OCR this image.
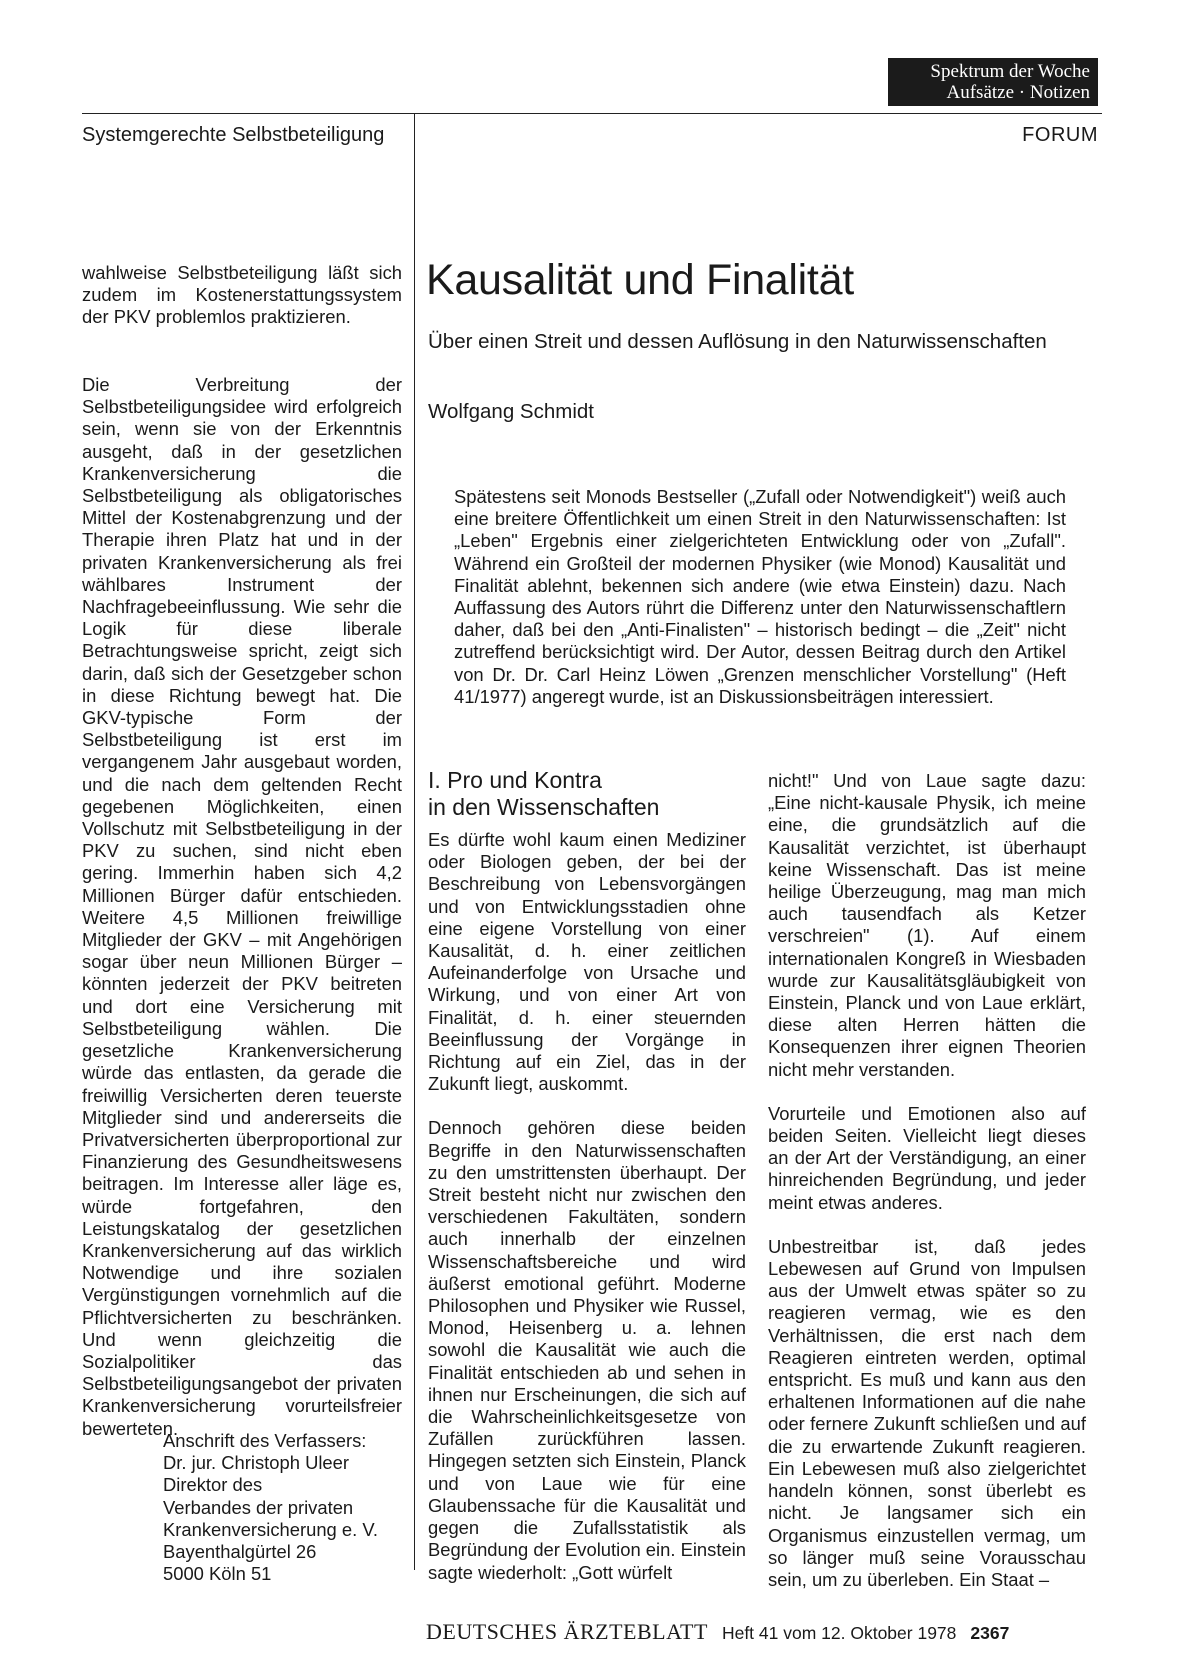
Spektrum der Woche
Aufsätze · Notizen
Systemgerechte Selbstbeteiligung	FORUM

wahlweise Selbstbeteiligung läßt sich zudem im Kostenerstattungssystem der PKV problemlos praktizieren.

Die Verbreitung der Selbstbeteiligungsidee wird erfolgreich sein, wenn sie von der Erkenntnis ausgeht, daß in der gesetzlichen Krankenversicherung die Selbstbeteiligung als obligatorisches Mittel der Kostenabgrenzung und der Therapie ihren Platz hat und in der privaten Krankenversicherung als frei wählbares Instrument der Nachfragebeeinflussung. Wie sehr die Logik für diese liberale Betrachtungsweise spricht, zeigt sich darin, daß sich der Gesetzgeber schon in diese Richtung bewegt hat. Die GKV-typische Form der Selbstbeteiligung ist erst im vergangenem Jahr ausgebaut worden, und die nach dem geltenden Recht gegebenen Möglichkeiten, einen Vollschutz mit Selbstbeteiligung in der PKV zu suchen, sind nicht eben gering. Immerhin haben sich 4,2 Millionen Bürger dafür entschieden. Weitere 4,5 Millionen freiwillige Mitglieder der GKV – mit Angehörigen sogar über neun Millionen Bürger – könnten jederzeit der PKV beitreten und dort eine Versicherung mit Selbstbeteiligung wählen. Die gesetzliche Krankenversicherung würde das entlasten, da gerade die freiwillig Versicherten deren teuerste Mitglieder sind und andererseits die Privatversicherten überproportional zur Finanzierung des Gesundheitswesens beitragen. Im Interesse aller läge es, würde fortgefahren, den Leistungskatalog der gesetzlichen Krankenversicherung auf das wirklich Notwendige und ihre sozialen Vergünstigungen vornehmlich auf die Pflichtversicherten zu beschränken. Und wenn gleichzeitig die Sozialpolitiker das Selbstbeteiligungsangebot der privaten Krankenversicherung vorurteilsfreier bewerteten.

Anschrift des Verfassers:
Dr. jur. Christoph Uleer
Direktor des
Verbandes der privaten
Krankenversicherung e. V.
Bayenthalgürtel 26
5000 Köln 51
Kausalität und Finalität
Über einen Streit und dessen Auflösung in den Naturwissenschaften
Wolfgang Schmidt

Spätestens seit Monods Bestseller („Zufall oder Notwendigkeit") weiß auch eine breitere Öffentlichkeit um einen Streit in den Naturwissenschaften: Ist „Leben" Ergebnis einer zielgerichteten Entwicklung oder von „Zufall". Während ein Großteil der modernen Physiker (wie Monod) Kausalität und Finalität ablehnt, bekennen sich andere (wie etwa Einstein) dazu. Nach Auffassung des Autors rührt die Differenz unter den Naturwissenschaftlern daher, daß bei den „Anti-Finalisten" – historisch bedingt – die „Zeit" nicht zutreffend berücksichtigt wird. Der Autor, dessen Beitrag durch den Artikel von Dr. Dr. Carl Heinz Löwen „Grenzen menschlicher Vorstellung" (Heft 41/1977) angeregt wurde, ist an Diskussionsbeiträgen interessiert.

I. Pro und Kontra
in den Wissenschaften

Es dürfte wohl kaum einen Mediziner oder Biologen geben, der bei der Beschreibung von Lebensvorgängen und von Entwicklungsstadien ohne eine eigene Vorstellung von einer Kausalität, d. h. einer zeitlichen Aufeinanderfolge von Ursache und Wirkung, und von einer Art von Finalität, d. h. einer steuernden Beeinflussung der Vorgänge in Richtung auf ein Ziel, das in der Zukunft liegt, auskommt.

Dennoch gehören diese beiden Begriffe in den Naturwissenschaften zu den umstrittensten überhaupt. Der Streit besteht nicht nur zwischen den verschiedenen Fakultäten, sondern auch innerhalb der einzelnen Wissenschaftsbereiche und wird äußerst emotional geführt. Moderne Philosophen und Physiker wie Russel, Monod, Heisenberg u. a. lehnen sowohl die Kausalität wie auch die Finalität entschieden ab und sehen in ihnen nur Erscheinungen, die sich auf die Wahrscheinlichkeitsgesetze von Zufällen zurückführen lassen. Hingegen setzten sich Einstein, Planck und von Laue wie für eine Glaubenssache für die Kausalität und gegen die Zufallsstatistik als Begründung der Evolution ein. Einstein sagte wiederholt: „Gott würfelt

nicht!" Und von Laue sagte dazu: „Eine nicht-kausale Physik, ich meine eine, die grundsätzlich auf die Kausalität verzichtet, ist überhaupt keine Wissenschaft. Das ist meine heilige Überzeugung, mag man mich auch tausendfach als Ketzer verschreien" (1). Auf einem internationalen Kongreß in Wiesbaden wurde zur Kausalitätsgläubigkeit von Einstein, Planck und von Laue erklärt, diese alten Herren hätten die Konsequenzen ihrer eignen Theorien nicht mehr verstanden.

Vorurteile und Emotionen also auf beiden Seiten. Vielleicht liegt dieses an der Art der Verständigung, an einer hinreichenden Begründung, und jeder meint etwas anderes.

Unbestreitbar ist, daß jedes Lebewesen auf Grund von Impulsen aus der Umwelt etwas später so zu reagieren vermag, wie es den Verhältnissen, die erst nach dem Reagieren eintreten werden, optimal entspricht. Es muß und kann aus den erhaltenen Informationen auf die nahe oder fernere Zukunft schließen und auf die zu erwartende Zukunft reagieren. Ein Lebewesen muß also zielgerichtet handeln können, sonst überlebt es nicht. Je langsamer sich ein Organismus einzustellen vermag, um so länger muß seine Vorausschau sein, um zu überleben. Ein Staat –

DEUTSCHES ÄRZTEBLATT Heft 41 vom 12. Oktober 1978 2367
